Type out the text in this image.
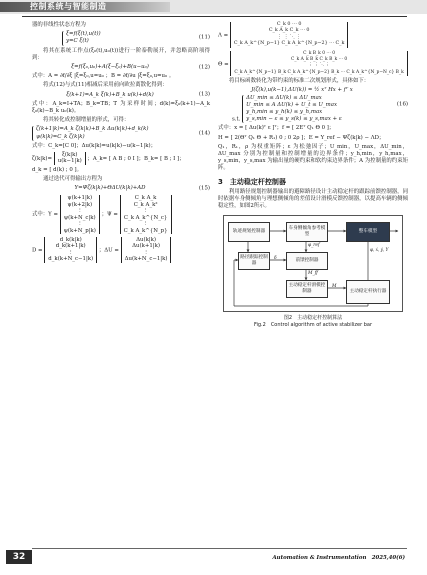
控制系统与智能制造

器的非线性状态方程为

ξ̇=f(ξ(t),u(t))
y=C ξ(t)
(11)

将其在系统工作点(ξ₀(t),u₀(t))进行一阶泰勒展开，并忽略高阶项得到：

ξ̇=f(ξ₀,u₀)+A(ξ−ξ₀)+B(u−u₀)	(12)

式中：A = ∂f/∂ξ |ξ=ξ₀,u=u₀ ；B = ∂f/∂u |ξ=ξ₀,u=u₀ 。

将式(12)与式(11)相减后采用前向欧拉离散化得到：

ξ(k+1)=A_k ξ(k)+B_k u(k)+d(k)	(13)

式中：A_k=I+TA；B_k=TB；T 为采样时间；d(k)=ξ₀(k+1)−A_k ξ₀(k)−B_k u₀(k)。

将其转化成控制增量的形式，可得：

ζ(k+1|k)=A_k ζ(k|k)+B_k Δu(k|k)+d_k(k)
ψ(k|k)=C_k ζ(k|k)
(14)

式中：C_k=[C 0]；Δu(k|k)=u(k|k)−u(k−1|k)；

ζ(k|k)= ξ(k|k)
u(k−1|k) ；A_k= [ A B ; 0 I ]；B_k= [ B ; I ]；

d_k = [ d(k) ; 0 ]。

通过迭代可得输出方程为

Y=Ψζ(k|k)+ΘΔU(k|k)+AD	(15)
式中：Y = ψ(k+1|k)
ψ(k+2|k)
⋮
ψ(k+N_c|k)
⋮
ψ(k+N_p|k) ；Ψ = C_k A_k
C_k A_k²
⋮
C_k A_k^{N_c}
⋮
C_k A_k^{N_p}
D = d_k(k|k)
d_k(k+1|k)
⋮
d_k(k+N_c−1|k) ；ΔU = Δu(k|k)
Δu(k+1|k)
⋮
Δu(k+N_c−1|k)
Λ = C_k 0 ⋯ 0
C_k A_k C_k ⋯ 0
⋮ ⋮ ⋱ ⋮
C_k A_k^{N_p−1} C_k A_k^{N_p−2} ⋯ C_k
Θ = C_k B_k 0 ⋯ 0
C_k A_k B_k C_k B_k ⋯ 0
⋮ ⋮ ⋱ ⋮
C_k A_k^{N_p−1} B_k C_k A_k^{N_p−2} B_k ⋯ C_k A_k^{N_p−N_c} B_k

将目标函数转化为带约束的标准二次规划形式，具体如下：

J(ζ(k),u(k−1),ΔU(k)) = ½ xᵀ Hx + fᵀ x
s.t. ΔU_min ≤ ΔU(k) ≤ ΔU_max
U_min ≤ A ΔU(k) + U_t ≤ U_max
y_h,min ≤ y_h(k) ≤ y_h,max
y_s,min − ε ≤ y_s(k) ≤ y_s,max + ε
(16)

式中：x = [ Δu(k)ᵀ ε ]ᵀ；f = [ 2Eᵀ Q₁ Θ 0 ]；

H = [ 2(Θᵀ Q₁ Θ + R₁) 0 ; 0 2ρ ]；E = Y_ref − Ψζ(k|k) − ΛD；

Q₁，R₁，ρ 为权重矩阵；ε 为松弛因子；U_min，U_max，ΔU_min，ΔU_max 分别为控制量和控制增量的边界条件；y_h,min，y_h,max，y_s,min，y_s,max 为输出量的硬约束和软约束边界条件；A 为控制量的约束矩阵。

3　主动稳定杆控制器

利用路径规划控制器输出的避障路径设计主动稳定杆的跟踪前馈控制器，同时依据车身侧倾角与理想侧倾角的差值设计滑模反馈控制器，以提高车辆的侧倾稳定性，如图2所示。

轨迹规划控制器
车身侧倾角参考模型
整车模型
路径跟踪控制器
前馈控制器
主动稳定杆滑模控制器	主动稳定杆执行器
φ_ref
M_ff
M
φ, ẋ, ẏ, Y
δ
图2　主动稳定杆控制算法
Fig.2　Control algorithm of active stabilizer bar
32	Automation & Instrumentation　2025,40(6)
